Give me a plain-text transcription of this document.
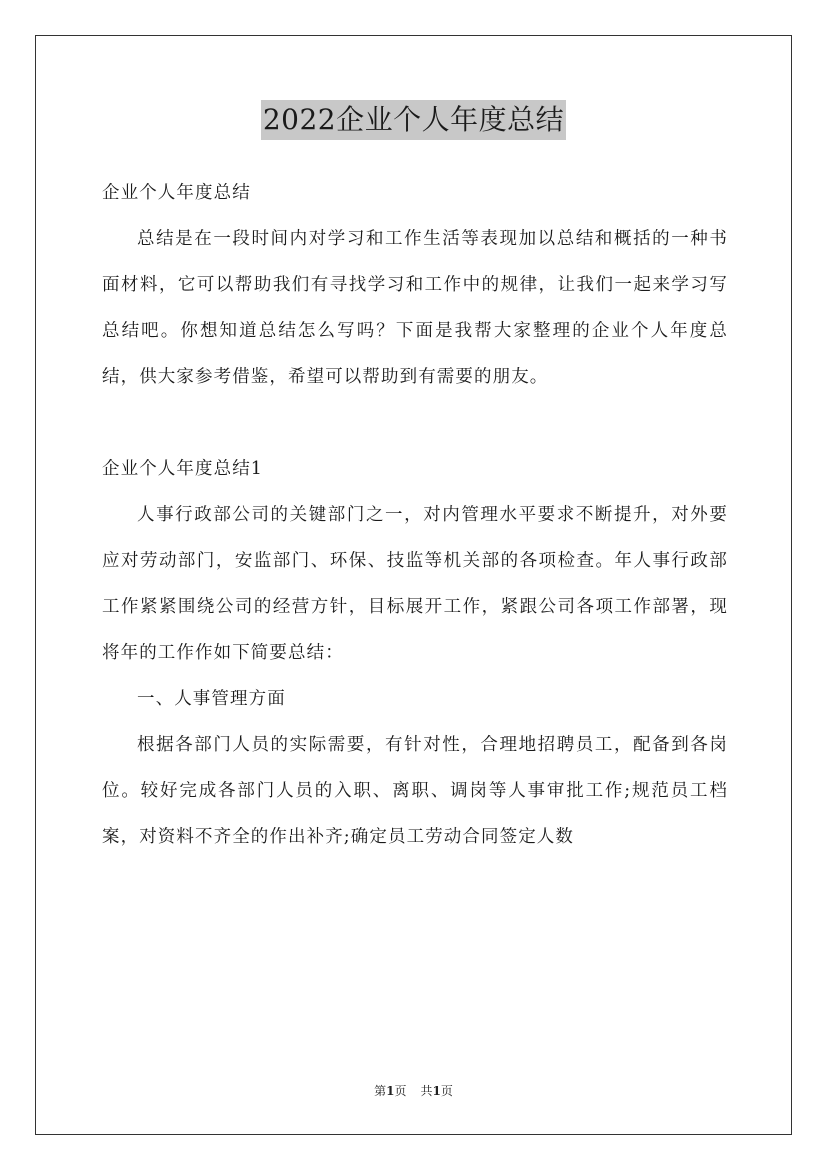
2022企业个人年度总结

企业个人年度总结

总结是在一段时间内对学习和工作生活等表现加以总结和概括的一种书面材料，它可以帮助我们有寻找学习和工作中的规律，让我们一起来学习写总结吧。你想知道总结怎么写吗？下面是我帮大家整理的企业个人年度总结，供大家参考借鉴，希望可以帮助到有需要的朋友。

企业个人年度总结1

人事行政部公司的关键部门之一，对内管理水平要求不断提升，对外要应对劳动部门，安监部门、环保、技监等机关部的各项检查。年人事行政部工作紧紧围绕公司的经营方针，目标展开工作，紧跟公司各项工作部署，现将年的工作作如下简要总结：

一、人事管理方面

根据各部门人员的实际需要，有针对性，合理地招聘员工，配备到各岗位。较好完成各部门人员的入职、离职、调岗等人事审批工作;规范员工档案，对资料不齐全的作出补齐;确定员工劳动合同签定人数

第1页 共1页
